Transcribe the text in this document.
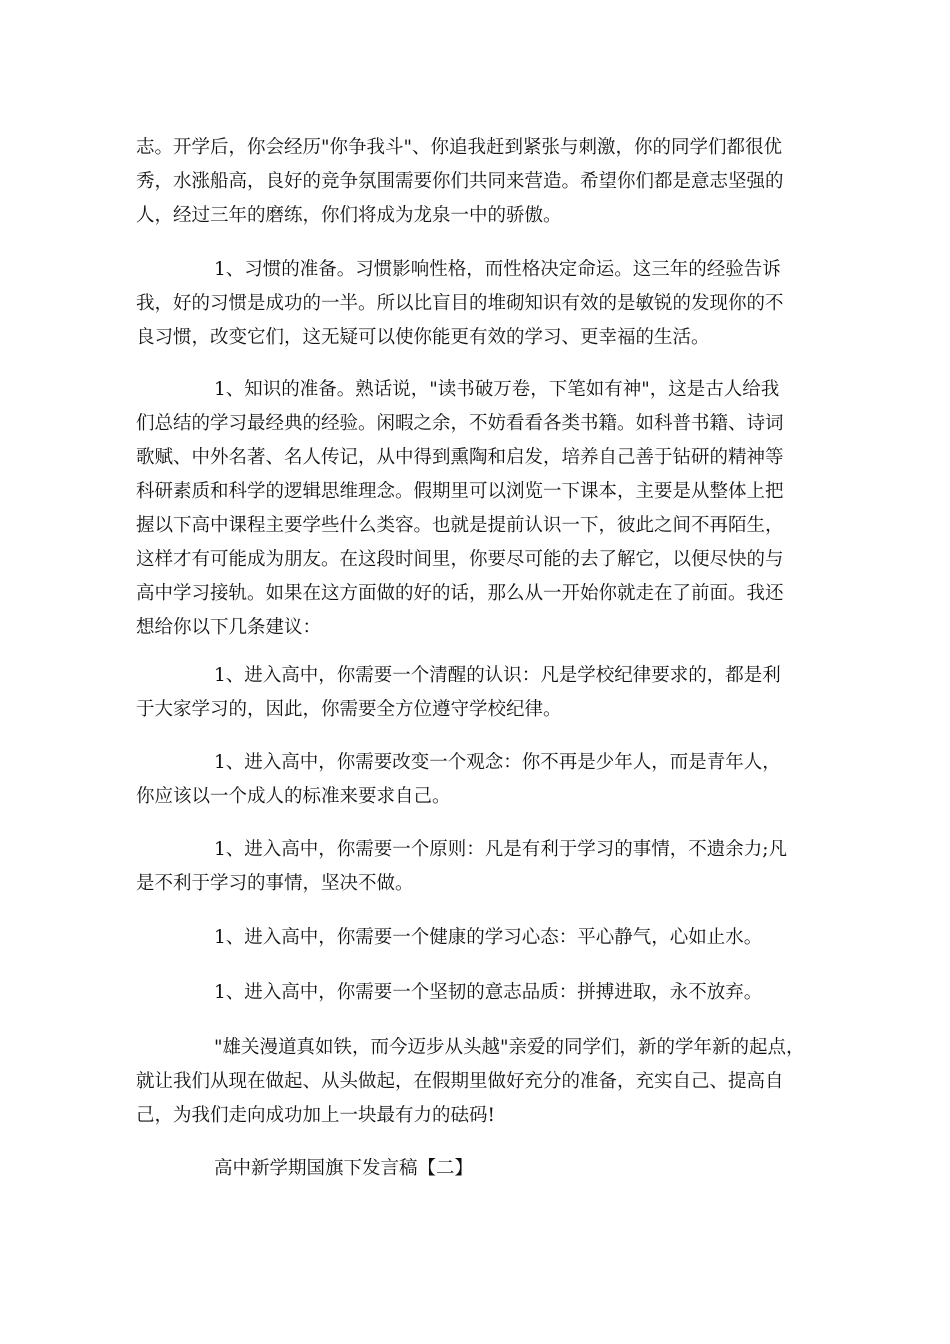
志。开学后，你会经历"你争我斗"、你追我赶到紧张与刺激，你的同学们都很优
秀，水涨船高，良好的竞争氛围需要你们共同来营造。希望你们都是意志坚强的
人，经过三年的磨练，你们将成为龙泉一中的骄傲。
1、习惯的准备。习惯影响性格，而性格决定命运。这三年的经验告诉
我，好的习惯是成功的一半。所以比盲目的堆砌知识有效的是敏锐的发现你的不
良习惯，改变它们，这无疑可以使你能更有效的学习、更幸福的生活。
1、知识的准备。熟话说，"读书破万卷，下笔如有神"，这是古人给我
们总结的学习最经典的经验。闲暇之余，不妨看看各类书籍。如科普书籍、诗词
歌赋、中外名著、名人传记，从中得到熏陶和启发，培养自己善于钻研的精神等
科研素质和科学的逻辑思维理念。假期里可以浏览一下课本，主要是从整体上把
握以下高中课程主要学些什么类容。也就是提前认识一下，彼此之间不再陌生，
这样才有可能成为朋友。在这段时间里，你要尽可能的去了解它，以便尽快的与
高中学习接轨。如果在这方面做的好的话，那么从一开始你就走在了前面。我还
想给你以下几条建议：
1、进入高中，你需要一个清醒的认识：凡是学校纪律要求的，都是利
于大家学习的，因此，你需要全方位遵守学校纪律。
1、进入高中，你需要改变一个观念：你不再是少年人，而是青年人，
你应该以一个成人的标准来要求自己。
1、进入高中，你需要一个原则：凡是有利于学习的事情，不遗余力;凡
是不利于学习的事情，坚决不做。
1、进入高中，你需要一个健康的学习心态：平心静气，心如止水。
1、进入高中，你需要一个坚韧的意志品质：拼搏进取，永不放弃。
"雄关漫道真如铁，而今迈步从头越"亲爱的同学们，新的学年新的起点，
就让我们从现在做起、从头做起，在假期里做好充分的准备，充实自己、提高自
己，为我们走向成功加上一块最有力的砝码!
高中新学期国旗下发言稿【二】
